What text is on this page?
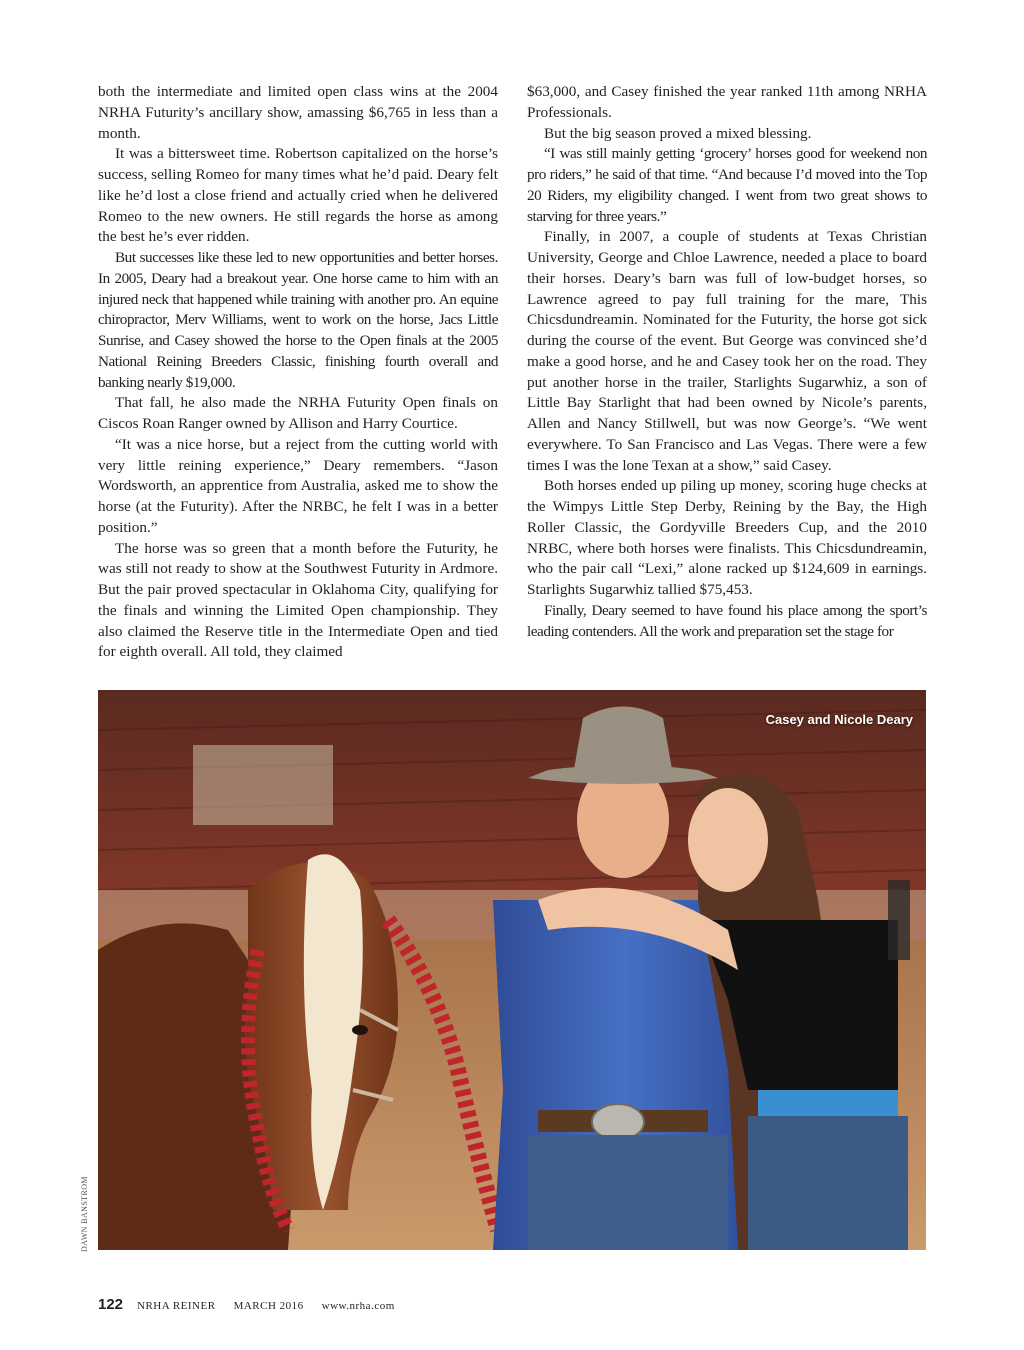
both the intermediate and limited open class wins at the 2004 NRHA Futurity’s ancillary show, amassing $6,765 in less than a month.

It was a bittersweet time. Robertson capitalized on the horse’s success, selling Romeo for many times what he’d paid. Deary felt like he’d lost a close friend and actually cried when he delivered Romeo to the new owners. He still regards the horse as among the best he’s ever ridden.

But successes like these led to new opportunities and better horses. In 2005, Deary had a breakout year. One horse came to him with an injured neck that happened while training with another pro. An equine chiropractor, Merv Williams, went to work on the horse, Jacs Little Sunrise, and Casey showed the horse to the Open finals at the 2005 National Reining Breeders Classic, finishing fourth overall and banking nearly $19,000.

That fall, he also made the NRHA Futurity Open finals on Ciscos Roan Ranger owned by Allison and Harry Courtice.

“It was a nice horse, but a reject from the cutting world with very little reining experience,” Deary remembers. “Jason Wordsworth, an apprentice from Australia, asked me to show the horse (at the Futurity). After the NRBC, he felt I was in a better position.”

The horse was so green that a month before the Futurity, he was still not ready to show at the Southwest Futurity in Ardmore. But the pair proved spectacular in Oklahoma City, qualifying for the finals and winning the Limited Open championship. They also claimed the Reserve title in the Intermediate Open and tied for eighth overall. All told, they claimed

$63,000, and Casey finished the year ranked 11th among NRHA Professionals.

But the big season proved a mixed blessing.

“I was still mainly getting ‘grocery’ horses good for weekend non pro riders,” he said of that time. “And because I’d moved into the Top 20 Riders, my eligibility changed. I went from two great shows to starving for three years.”

Finally, in 2007, a couple of students at Texas Christian University, George and Chloe Lawrence, needed a place to board their horses. Deary’s barn was full of low-budget horses, so Lawrence agreed to pay full training for the mare, This Chicsdundreamin. Nominated for the Futurity, the horse got sick during the course of the event. But George was convinced she’d make a good horse, and he and Casey took her on the road. They put another horse in the trailer, Starlights Sugarwhiz, a son of Little Bay Starlight that had been owned by Nicole’s parents, Allen and Nancy Stillwell, but was now George’s. “We went everywhere. To San Francisco and Las Vegas. There were a few times I was the lone Texan at a show,” said Casey.

Both horses ended up piling up money, scoring huge checks at the Wimpys Little Step Derby, Reining by the Bay, the High Roller Classic, the Gordyville Breeders Cup, and the 2010 NRBC, where both horses were finalists. This Chicsdundreamin, who the pair call “Lexi,” alone racked up $124,609 in earnings. Starlights Sugarwhiz tallied $75,453.

Finally, Deary seemed to have found his place among the sport’s leading contenders. All the work and preparation set the stage for

Casey and Nicole Deary
DAWN BANSTROM
122 NRHA REINER MARCH 2016 www.nrha.com
